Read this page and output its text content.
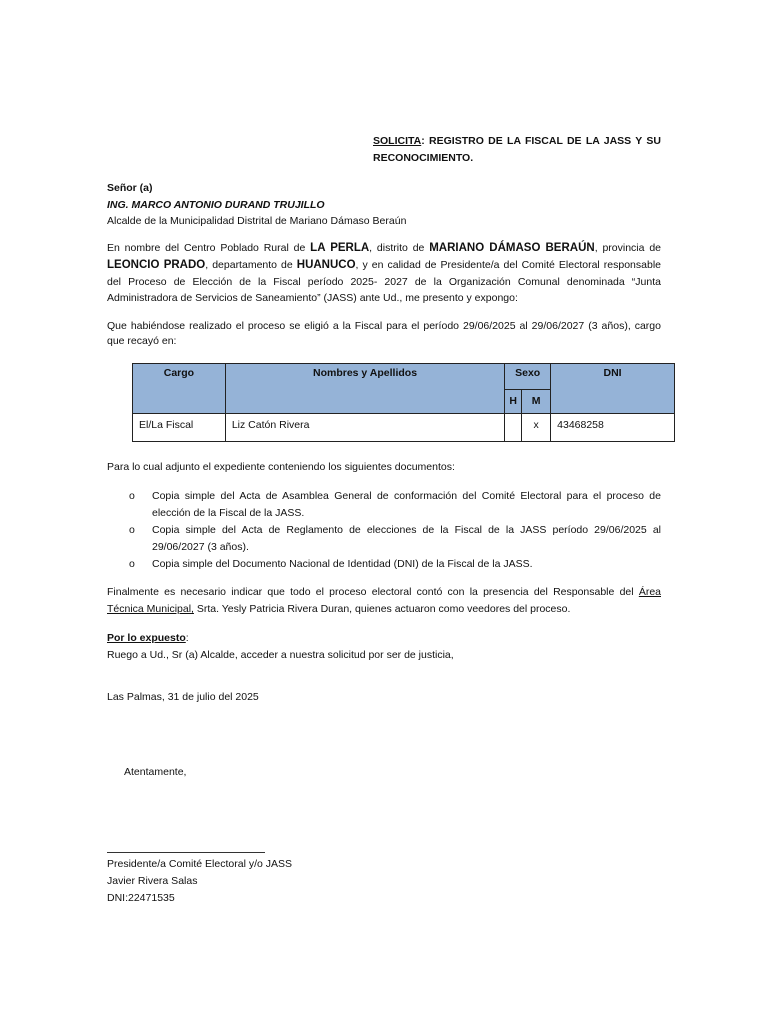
SOLICITA: REGISTRO DE LA FISCAL DE LA JASS Y SU RECONOCIMIENTO.
Señor (a)
ING. MARCO ANTONIO DURAND TRUJILLO
Alcalde de la Municipalidad Distrital de Mariano Dámaso Beraún
En nombre del Centro Poblado Rural de LA PERLA, distrito de MARIANO DÁMASO BERAÚN, provincia de LEONCIO PRADO, departamento de HUANUCO, y en calidad de Presidente/a del Comité Electoral responsable del Proceso de Elección de la Fiscal período 2025- 2027 de la Organización Comunal denominada “Junta Administradora de Servicios de Saneamiento” (JASS) ante Ud., me presento y expongo:
Que habiéndose realizado el proceso se eligió a la Fiscal para el período 29/06/2025 al 29/06/2027 (3 años), cargo que recayó en:
Cargo	Nombres y Apellidos	Sexo		DNI
		H	M	
El/La Fiscal	Liz Catón Rivera		x	43468258
Para lo cual adjunto el expediente conteniendo los siguientes documentos:
o Copia simple del Acta de Asamblea General de conformación del Comité Electoral para el proceso de elección de la Fiscal de la JASS.
o Copia simple del Acta de Reglamento de elecciones de la Fiscal de la JASS período 29/06/2025 al 29/06/2027 (3 años).
o Copia simple del Documento Nacional de Identidad (DNI) de la Fiscal de la JASS.
Finalmente es necesario indicar que todo el proceso electoral contó con la presencia del Responsable del Área Técnica Municipal, Srta. Yesly Patricia Rivera Duran, quienes actuaron como veedores del proceso.
Por lo expuesto:
Ruego a Ud., Sr (a) Alcalde, acceder a nuestra solicitud por ser de justicia,
Las Palmas, 31 de julio del 2025
Atentamente,
Presidente/a Comité Electoral y/o JASS
Javier Rivera Salas
DNI:22471535
